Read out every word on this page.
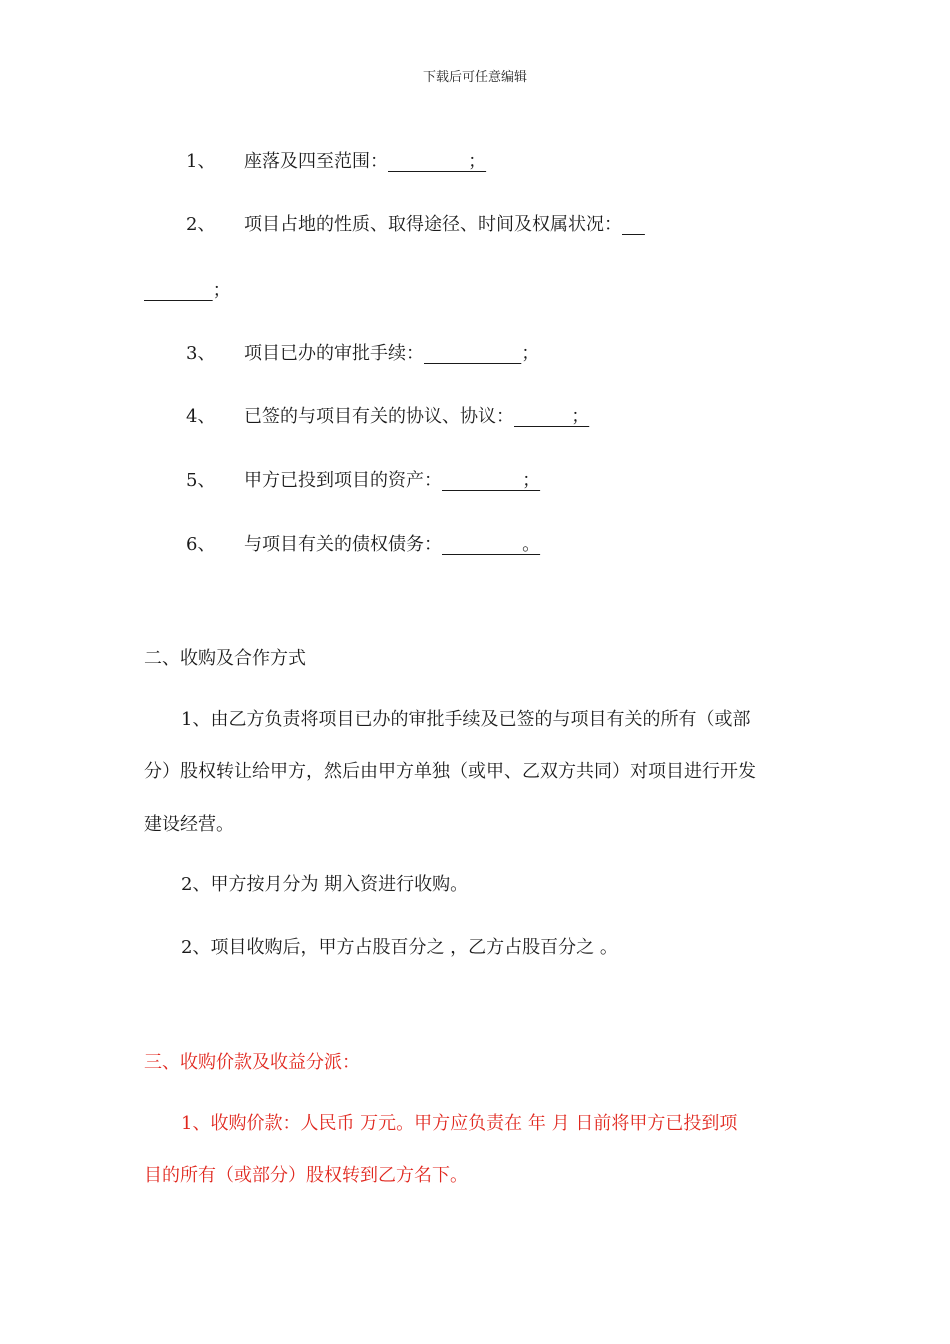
下载后可任意编辑
1、 座落及四至范围：              ；
2、 项目占地的性质、取得途径、时间及权属状况：
；
3、 项目已办的审批手续：	；
4、 已签的与项目有关的协议、协议：          ；
5、 甲方已投到项目的资产：              ；
6、 与项目有关的债权债务：              。
二、收购及合作方式
1、由乙方负责将项目已办的审批手续及已签的与项目有关的所有（或部
分）股权转让给甲方，然后由甲方单独（或甲、乙双方共同）对项目进行开发
建设经营。
2、甲方按月分为 期入资进行收购。
2、项目收购后，甲方占股百分之 ，乙方占股百分之 。
三、收购价款及收益分派：
1、收购价款：人民币 万元。甲方应负责在 年 月 日前将甲方已投到项
目的所有（或部分）股权转到乙方名下。
